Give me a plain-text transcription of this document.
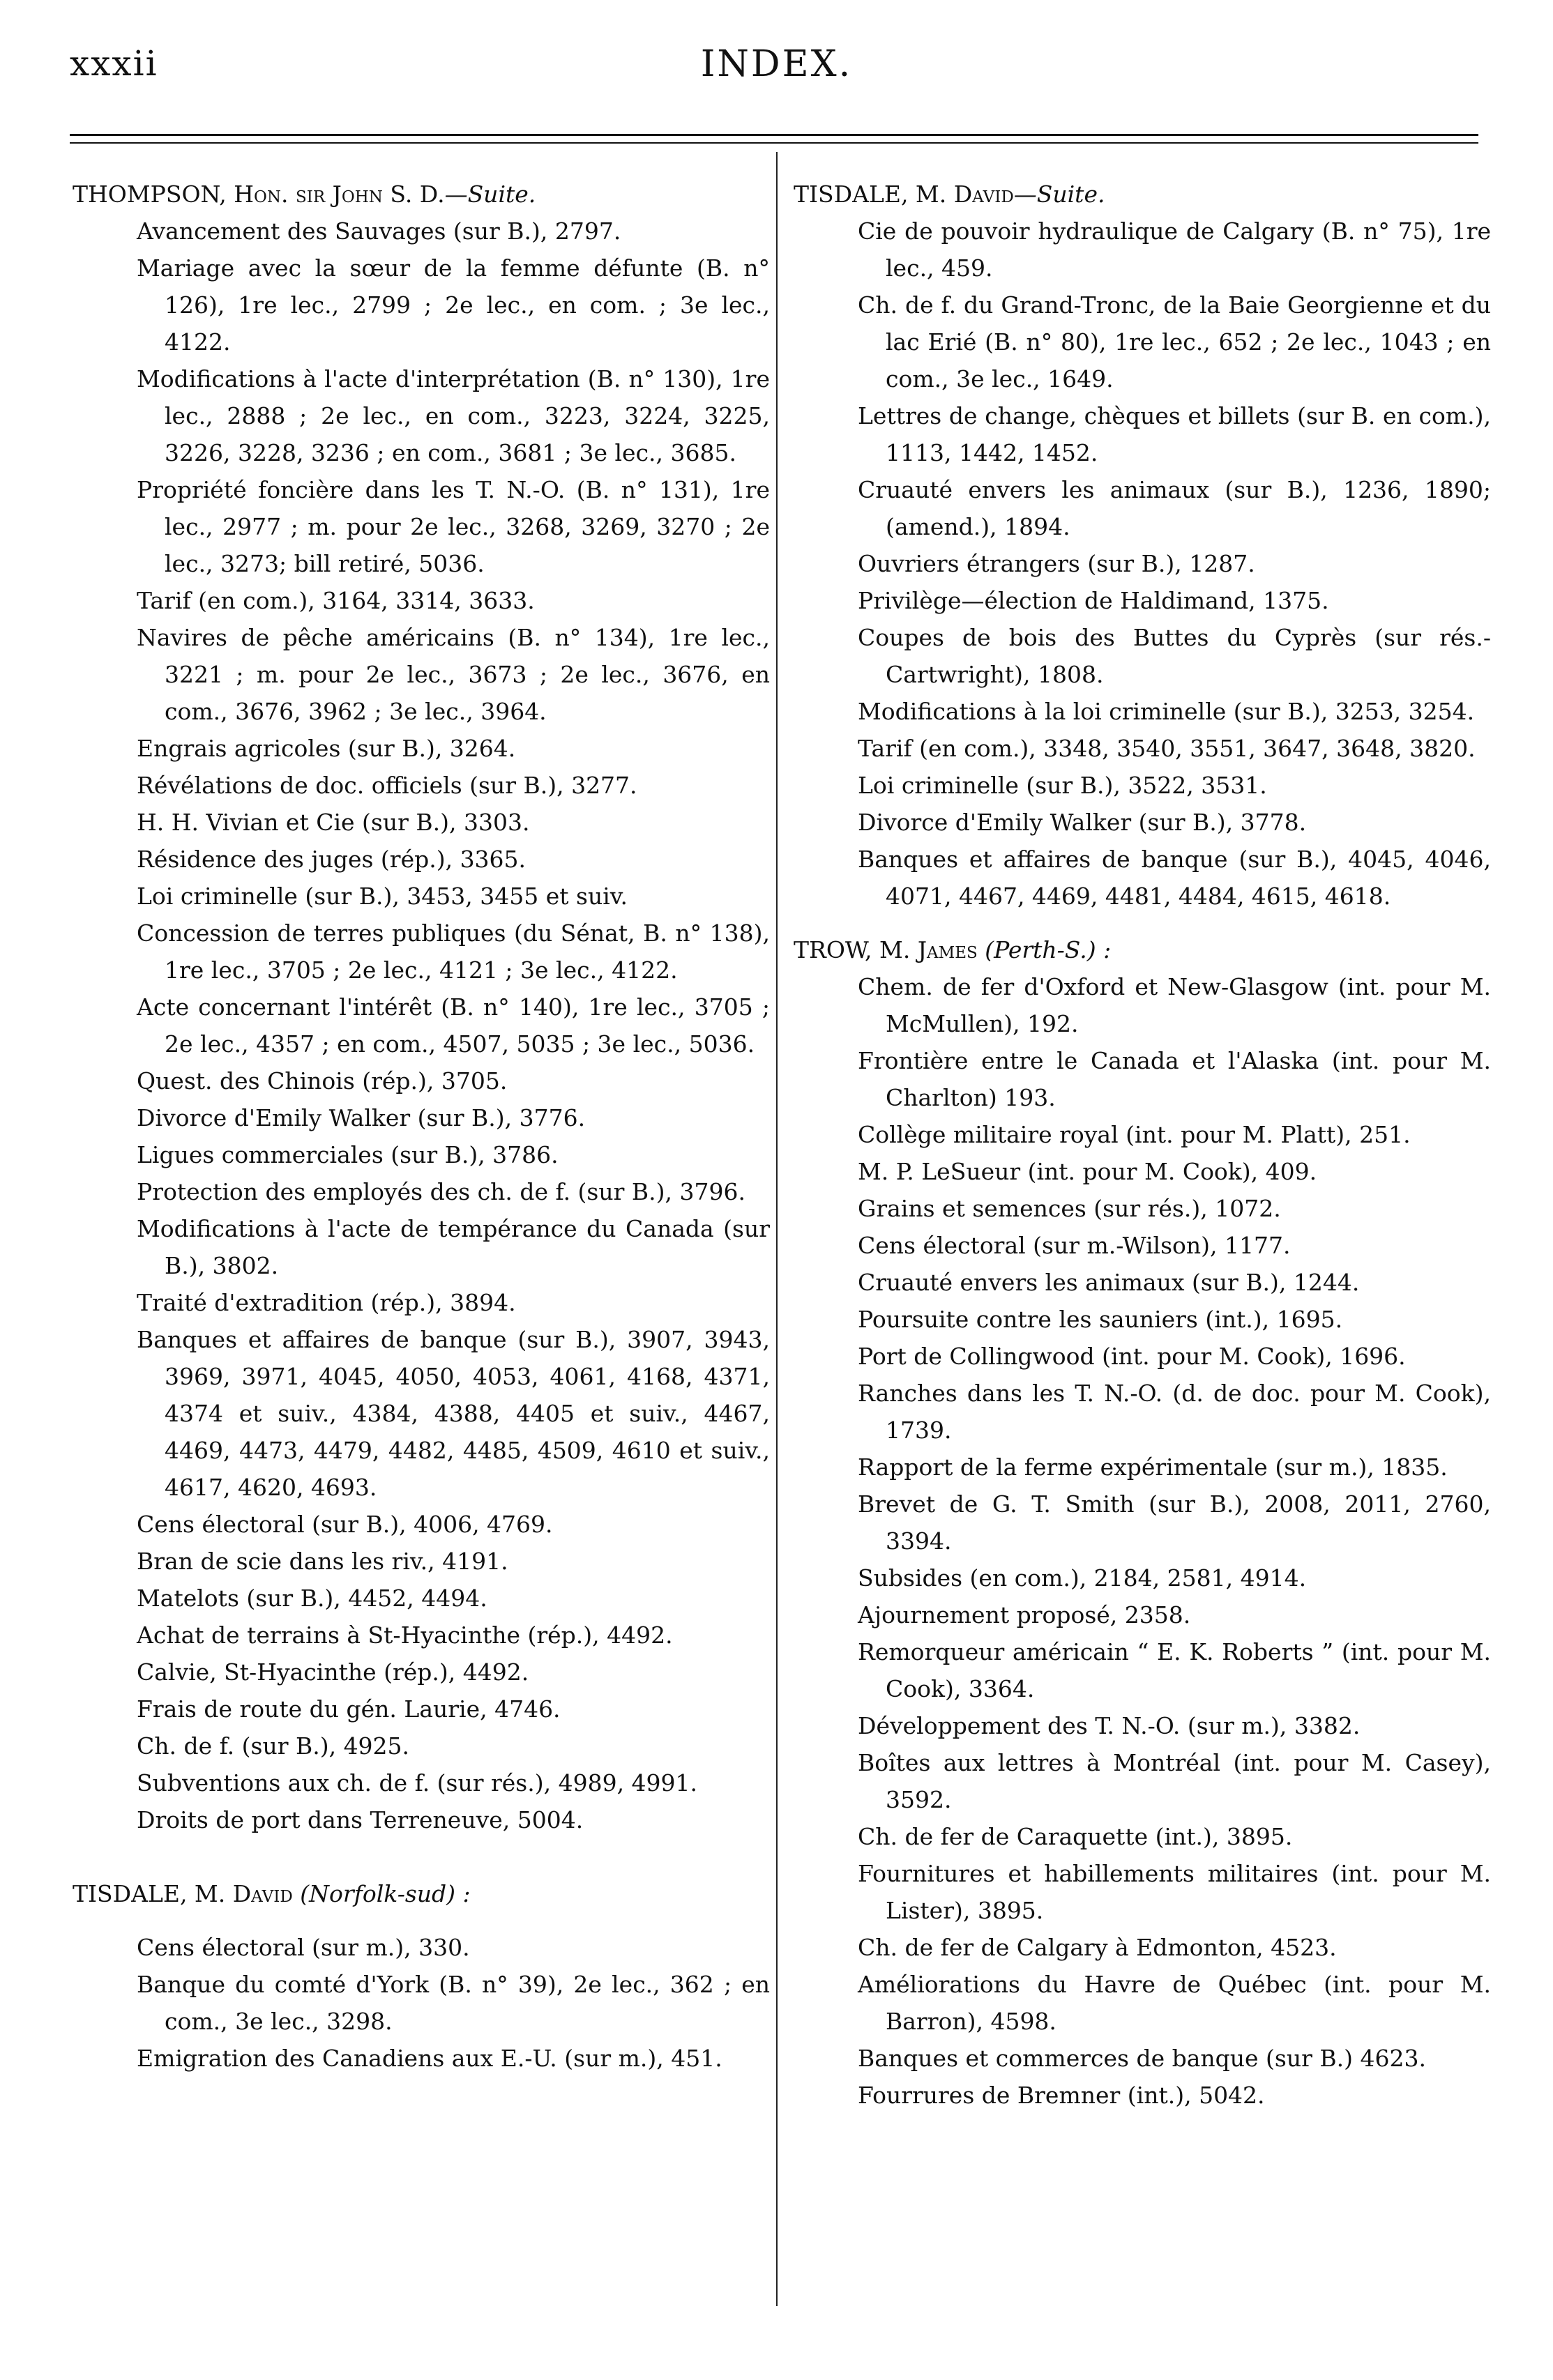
xxxii	INDEX.
THOMPSON, Hon. sir John S. D.—Suite.
Avancement des Sauvages (sur B.), 2797.
Mariage avec la sœur de la femme défunte (B. n° 126), 1re lec., 2799 ; 2e lec., en com. ; 3e lec., 4122.
Modifications à l'acte d'interprétation (B. n° 130), 1re lec., 2888 ; 2e lec., en com., 3223, 3224, 3225, 3226, 3228, 3236 ; en com., 3681 ; 3e lec., 3685.
Propriété foncière dans les T. N.-O. (B. n° 131), 1re lec., 2977 ; m. pour 2e lec., 3268, 3269, 3270 ; 2e lec., 3273; bill retiré, 5036.
Tarif (en com.), 3164, 3314, 3633.
Navires de pêche américains (B. n° 134), 1re lec., 3221 ; m. pour 2e lec., 3673 ; 2e lec., 3676, en com., 3676, 3962 ; 3e lec., 3964.
Engrais agricoles (sur B.), 3264.
Révélations de doc. officiels (sur B.), 3277.
H. H. Vivian et Cie (sur B.), 3303.
Résidence des juges (rép.), 3365.
Loi criminelle (sur B.), 3453, 3455 et suiv.
Concession de terres publiques (du Sénat, B. n° 138), 1re lec., 3705 ; 2e lec., 4121 ; 3e lec., 4122.
Acte concernant l'intérêt (B. n° 140), 1re lec., 3705 ; 2e lec., 4357 ; en com., 4507, 5035 ; 3e lec., 5036.
Quest. des Chinois (rép.), 3705.
Divorce d'Emily Walker (sur B.), 3776.
Ligues commerciales (sur B.), 3786.
Protection des employés des ch. de f. (sur B.), 3796.
Modifications à l'acte de tempérance du Canada (sur B.), 3802.
Traité d'extradition (rép.), 3894.
Banques et affaires de banque (sur B.), 3907, 3943, 3969, 3971, 4045, 4050, 4053, 4061, 4168, 4371, 4374 et suiv., 4384, 4388, 4405 et suiv., 4467, 4469, 4473, 4479, 4482, 4485, 4509, 4610 et suiv., 4617, 4620, 4693.
Cens électoral (sur B.), 4006, 4769.
Bran de scie dans les riv., 4191.
Matelots (sur B.), 4452, 4494.
Achat de terrains à St-Hyacinthe (rép.), 4492.
Calvie, St-Hyacinthe (rép.), 4492.
Frais de route du gén. Laurie, 4746.
Ch. de f. (sur B.), 4925.
Subventions aux ch. de f. (sur rés.), 4989, 4991.
Droits de port dans Terreneuve, 5004.
TISDALE, M. David (Norfolk-sud) :
Cens électoral (sur m.), 330.
Banque du comté d'York (B. n° 39), 2e lec., 362 ; en com., 3e lec., 3298.
Emigration des Canadiens aux E.-U. (sur m.), 451.
TISDALE, M. David—Suite.
Cie de pouvoir hydraulique de Calgary (B. n° 75), 1re lec., 459.
Ch. de f. du Grand-Tronc, de la Baie Georgienne et du lac Erié (B. n° 80), 1re lec., 652 ; 2e lec., 1043 ; en com., 3e lec., 1649.
Lettres de change, chèques et billets (sur B. en com.), 1113, 1442, 1452.
Cruauté envers les animaux (sur B.), 1236, 1890; (amend.), 1894.
Ouvriers étrangers (sur B.), 1287.
Privilège—élection de Haldimand, 1375.
Coupes de bois des Buttes du Cyprès (sur rés.-Cartwright), 1808.
Modifications à la loi criminelle (sur B.), 3253, 3254.
Tarif (en com.), 3348, 3540, 3551, 3647, 3648, 3820.
Loi criminelle (sur B.), 3522, 3531.
Divorce d'Emily Walker (sur B.), 3778.
Banques et affaires de banque (sur B.), 4045, 4046, 4071, 4467, 4469, 4481, 4484, 4615, 4618.
TROW, M. James (Perth-S.) :
Chem. de fer d'Oxford et New-Glasgow (int. pour M. McMullen), 192.
Frontière entre le Canada et l'Alaska (int. pour M. Charlton) 193.
Collège militaire royal (int. pour M. Platt), 251.
M. P. LeSueur (int. pour M. Cook), 409.
Grains et semences (sur rés.), 1072.
Cens électoral (sur m.-Wilson), 1177.
Cruauté envers les animaux (sur B.), 1244.
Poursuite contre les sauniers (int.), 1695.
Port de Collingwood (int. pour M. Cook), 1696.
Ranches dans les T. N.-O. (d. de doc. pour M. Cook), 1739.
Rapport de la ferme expérimentale (sur m.), 1835.
Brevet de G. T. Smith (sur B.), 2008, 2011, 2760, 3394.
Subsides (en com.), 2184, 2581, 4914.
Ajournement proposé, 2358.
Remorqueur américain “ E. K. Roberts ” (int. pour M. Cook), 3364.
Développement des T. N.-O. (sur m.), 3382.
Boîtes aux lettres à Montréal (int. pour M. Casey), 3592.
Ch. de fer de Caraquette (int.), 3895.
Fournitures et habillements militaires (int. pour M. Lister), 3895.
Ch. de fer de Calgary à Edmonton, 4523.
Améliorations du Havre de Québec (int. pour M. Barron), 4598.
Banques et commerces de banque (sur B.) 4623.
Fourrures de Bremner (int.), 5042.
